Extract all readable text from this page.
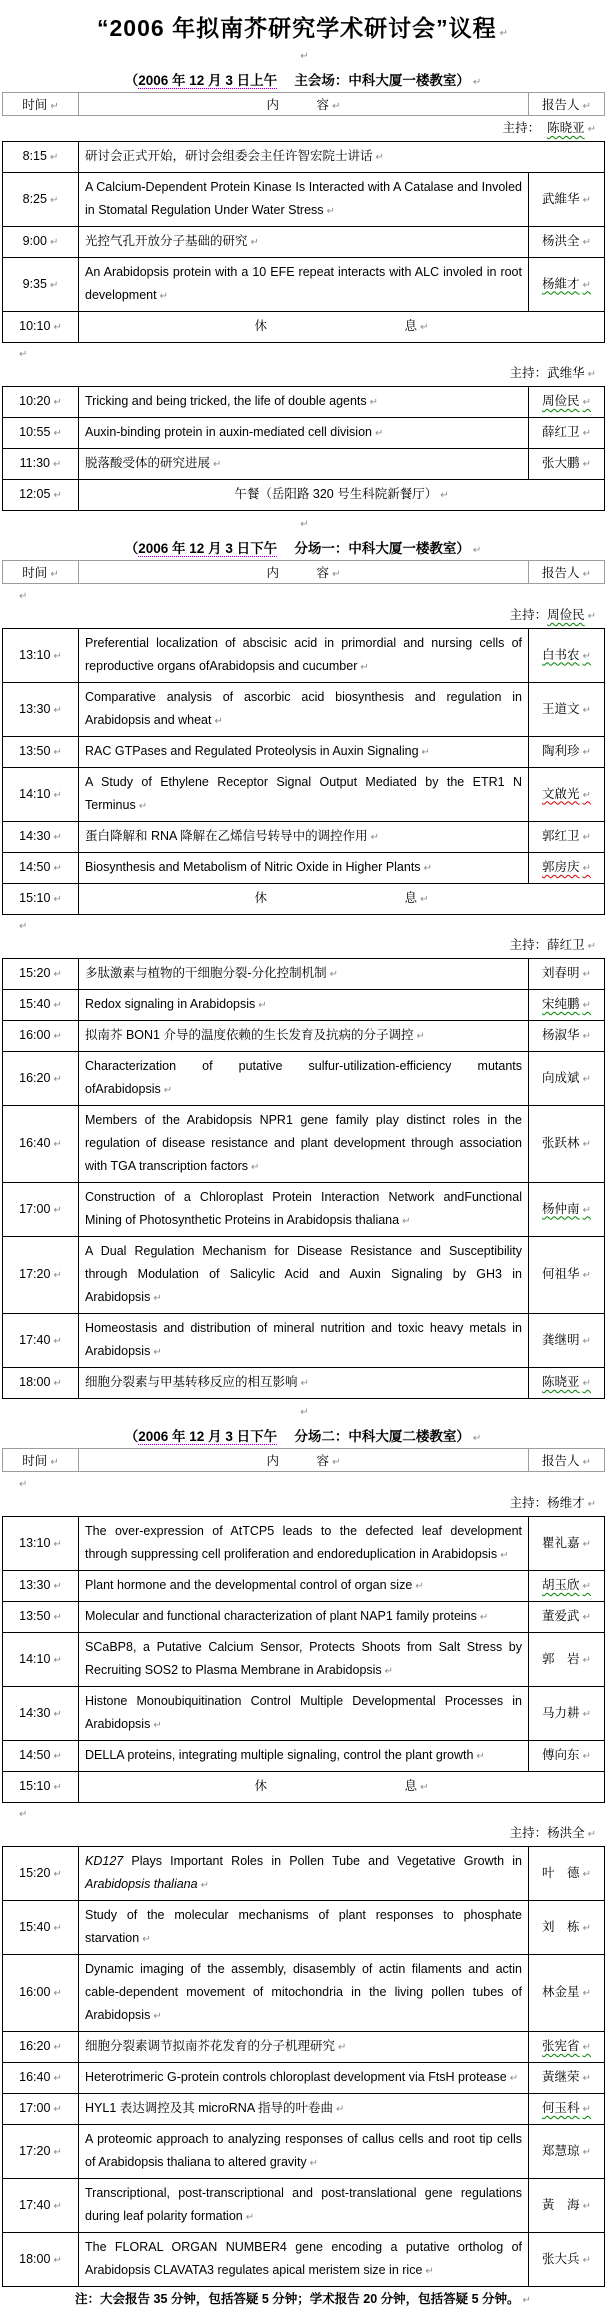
“2006 年拟南芥研究学术研讨会”议程 ↵
↵
（2006 年 12 月 3 日上午　 主会场：中科大厦一楼教室） ↵
时间 ↵	内　　　容 ↵	报告人 ↵
主持： 陈晓亚 ↵
8:15 ↵	研讨会正式开始，研讨会组委会主任许智宏院士讲话 ↵
8:25 ↵	A Calcium-Dependent Protein Kinase Is Interacted with A Catalase and Involed in Stomatal Regulation Under Water Stress ↵	武維华 ↵
9:00 ↵	光控气孔开放分子基础的研究 ↵	杨洪全 ↵
9:35 ↵	An Arabidopsis protein with a 10 EFE repeat interacts with ALC involed in root development ↵	杨維才 ↵
10:10 ↵	休　　　　　　　　　　　息 ↵
↵
主持：武维华 ↵
10:20 ↵	Tricking and being tricked, the life of double agents ↵	周俭民 ↵
10:55 ↵	Auxin-binding protein in auxin-mediated cell division ↵	薛红卫 ↵
11:30 ↵	脱落酸受体的研究进展 ↵	张大鹏 ↵
12:05 ↵	午餐（岳阳路 320 号生科院新餐厅） ↵
↵
（2006 年 12 月 3 日下午　 分场一：中科大厦一楼教室） ↵
时间 ↵	内　　　容 ↵	报告人 ↵
↵
主持：周俭民 ↵
13:10 ↵	Preferential localization of abscisic acid in primordial and nursing cells of reproductive organs ofArabidopsis and cucumber ↵	白书农 ↵
13:30 ↵	Comparative analysis of ascorbic acid biosynthesis and regulation in Arabidopsis and wheat ↵	王道文 ↵
13:50 ↵	RAC GTPases and Regulated Proteolysis in Auxin Signaling ↵	陶利珍 ↵
14:10 ↵	A Study of Ethylene Receptor Signal Output Mediated by the ETR1 N Terminus ↵	文啟光 ↵
14:30 ↵	蛋白降解和 RNA 降解在乙烯信号转导中的调控作用 ↵	郭红卫 ↵
14:50 ↵	Biosynthesis and Metabolism of Nitric Oxide in Higher Plants ↵	郭房庆 ↵
15:10 ↵	休　　　　　　　　　　　息 ↵
↵
主持：薛红卫 ↵
15:20 ↵	多肽激素与植物的干细胞分裂-分化控制机制 ↵	刘春明 ↵
15:40 ↵	Redox signaling in Arabidopsis ↵	宋纯鹏 ↵
16:00 ↵	拟南芥 BON1 介导的温度依赖的生长发育及抗病的分子调控 ↵	杨淑华 ↵
16:20 ↵	Characterization of putative sulfur-utilization-efficiency mutants ofArabidopsis ↵	向成斌 ↵
16:40 ↵	Members of the Arabidopsis NPR1 gene family play distinct roles in the regulation of disease resistance and plant development through association with TGA transcription factors ↵	张跃林 ↵
17:00 ↵	Construction of a Chloroplast Protein Interaction Network andFunctional Mining of Photosynthetic Proteins in Arabidopsis thaliana ↵	杨仲南 ↵
17:20 ↵	A Dual Regulation Mechanism for Disease Resistance and Susceptibility through Modulation of Salicylic Acid and Auxin Signaling by GH3 in Arabidopsis ↵	何祖华 ↵
17:40 ↵	Homeostasis and distribution of mineral nutrition and toxic heavy metals in Arabidopsis ↵	龚继明 ↵
18:00 ↵	细胞分裂素与甲基转移反应的相互影响 ↵	陈晓亚 ↵
↵
（2006 年 12 月 3 日下午　 分场二：中科大厦二楼教室） ↵
时间 ↵	内　　　容 ↵	报告人 ↵
↵
主持：杨维才 ↵
13:10 ↵	The over-expression of AtTCP5 leads to the defected leaf development through suppressing cell proliferation and endoreduplication in Arabidopsis ↵	瞿礼嘉 ↵
13:30 ↵	Plant hormone and the developmental control of organ size ↵	胡玉欣 ↵
13:50 ↵	Molecular and functional characterization of plant NAP1 family proteins ↵	董爱武 ↵
14:10 ↵	SCaBP8, a Putative Calcium Sensor, Protects Shoots from Salt Stress by Recruiting SOS2 to Plasma Membrane in Arabidopsis ↵	郭　岩 ↵
14:30 ↵	Histone Monoubiquitination Control Multiple Developmental Processes in Arabidopsis ↵	马力耕 ↵
14:50 ↵	DELLA proteins, integrating multiple signaling, control the plant growth ↵	傅向东 ↵
15:10 ↵	休　　　　　　　　　　　息 ↵
↵
主持：杨洪全 ↵
15:20 ↵	KD127 Plays Important Roles in Pollen Tube and Vegetative Growth in Arabidopsis thaliana ↵	叶　德 ↵
15:40 ↵	Study of the molecular mechanisms of plant responses to phosphate starvation ↵	刘　栋 ↵
16:00 ↵	Dynamic imaging of the assembly, disasembly of actin filaments and actin cable-dependent movement of mitochondria in the living pollen tubes of Arabidopsis ↵	林金星 ↵
16:20 ↵	细胞分裂素调节拟南芥花发育的分子机理研究 ↵	张宪省 ↵
16:40 ↵	Heterotrimeric G-protein controls chloroplast development via FtsH protease ↵	黃继荣 ↵
17:00 ↵	HYL1 表达调控及其 microRNA 指导的叶卷曲 ↵	何玉科 ↵
17:20 ↵	A proteomic approach to analyzing responses of callus cells and root tip cells of Arabidopsis thaliana to altered gravity ↵	郑慧琼 ↵
17:40 ↵	Transcriptional, post-transcriptional and post-translational gene regulations during leaf polarity formation ↵	黃　海 ↵
18:00 ↵	The FLORAL ORGAN NUMBER4 gene encoding a putative ortholog of Arabidopsis CLAVATA3 regulates apical meristem size in rice ↵	张大兵 ↵
注：大会报告 35 分钟，包括答疑 5 分钟；学术报告 20 分钟，包括答疑 5 分钟。 ↵
